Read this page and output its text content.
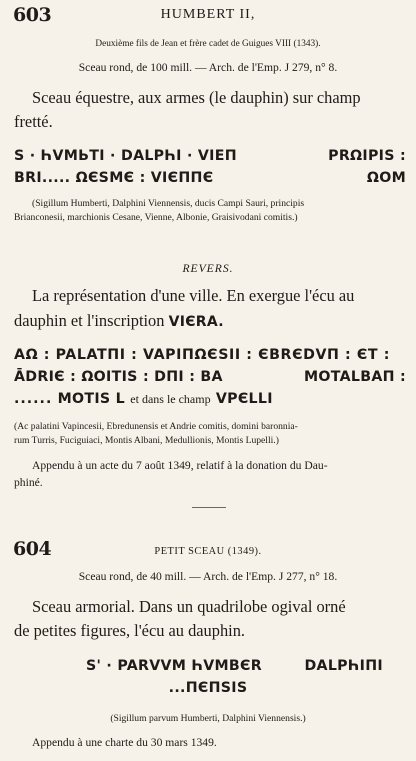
603	HUMBERT II,
Deuxième fils de Jean et frère cadet de Guigues VIII (1343).
Sceau rond, de 100 mill. — Arch. de l'Emp. J 279, n° 8.
Sceau équestre, aux armes (le dauphin) sur champ
fretté.
S · ҺVMЬTI · DALPҺI · VIEП	PRΩIPIS :
BRI..... ΩЄSMЄ : VIЄППЄ	ΩOM
(Sigillum Humberti, Dalphini Viennensis, ducis Campi Sauri, principis
Brianconesii, marchionis Cesane, Vienne, Albonie, Graisivodani comitis.)
REVERS.
La représentation d'une ville. En exergue l'écu au
dauphin et l'inscription VIЄRA.
AΩ : PALATПI : VAPIПΩЄSII : ЄBRЄDVП : ЄT :
ĀDRIЄ : ΩOITIS : DПI : BA	MOTALBAП :
...... MOTIS L et dans le champ VPЄLLI
(Ac palatini Vapincesii, Ebredunensis et Andrie comitis, domini baronnia-
rum Turris, Fuciguiaci, Montis Albani, Medullionis, Montis Lupelli.)
Appendu à un acte du 7 août 1349, relatif à la donation du Dau-
phiné.
604	PETIT SCEAU (1349).
Sceau rond, de 40 mill. — Arch. de l'Emp. J 277, n° 18.
Sceau armorial. Dans un quadrilobe ogival orné
de petites figures, l'écu au dauphin.
S' · PARVVM ҺVMBЄR	DALPҺIПI
...ПЄПSIS
(Sigillum parvum Humberti, Dalphini Viennensis.)
Appendu à une charte du 30 mars 1349.
